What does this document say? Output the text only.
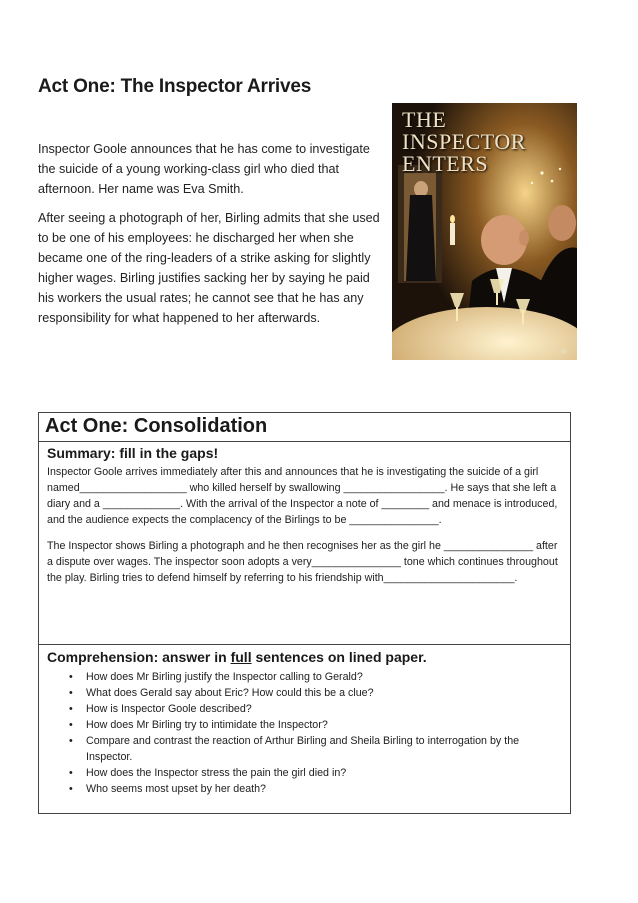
Act One: The Inspector Arrives

Inspector Goole announces that he has come to investigate the suicide of a young working-class girl who died that afternoon. Her name was Eva Smith.

After seeing a photograph of her, Birling admits that she used to be one of his employees: he discharged her when she became one of the ring-leaders of a strike asking for slightly higher wages. Birling justifies sacking her by saying he paid his workers the usual rates; he cannot see that he has any responsibility for what happened to her afterwards.

THE INSPECTOR
ENTERS
Act One: Consolidation
Summary: fill in the gaps!

Inspector Goole arrives immediately after this and announces that he is investigating the suicide of a girl named__________________ who killed herself by swallowing _________________. He says that she left a diary and a _____________. With the arrival of the Inspector a note of ________ and menace is introduced, and the audience expects the complacency of the Birlings to be _______________.

The Inspector shows Birling a photograph and he then recognises her as the girl he _______________ after a dispute over wages. The inspector soon adopts a very_______________ tone which continues throughout the play. Birling tries to defend himself by referring to his friendship with______________________.

Comprehension: answer in full sentences on lined paper.
• How does Mr Birling justify the Inspector calling to Gerald?
• What does Gerald say about Eric? How could this be a clue?
• How is Inspector Goole described?
• How does Mr Birling try to intimidate the Inspector?
• Compare and contrast the reaction of Arthur Birling and Sheila Birling to interrogation by the Inspector.
• How does the Inspector stress the pain the girl died in?
• Who seems most upset by her death?
